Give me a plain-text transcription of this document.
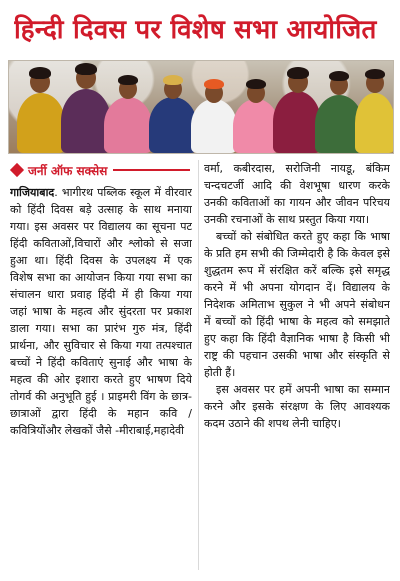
हिन्दी दिवस पर विशेष सभा आयोजित
जर्नी ऑफ सक्सेस

गाजियाबाद. भागीरथ पब्लिक स्कूल में वीरवार को हिंदी दिवस बड़े उत्साह के साथ मनाया गया। इस अवसर पर विद्यालय का सूचना पट हिंदी कविताओं,विचारों और श्लोको से सजा हुआ था। हिंदी दिवस के उपलक्ष्य में एक विशेष सभा का आयोजन किया गया सभा का संचालन धारा प्रवाह हिंदी में ही किया गया जहां भाषा के महत्व और सुंदरता पर प्रकाश डाला गया। सभा का प्रारंभ गुरु मंत्र, हिंदी प्रार्थना, और सुविचार से किया गया तत्पश्चात बच्चों ने हिंदी कविताएं सुनाई और भाषा के महत्व की ओर इशारा करते हुए भाषण दिये तोगर्व की अनुभूति हुई । प्राइमरी विंग के छात्र-छात्राओं द्वारा हिंदी के महान कवि /कवित्रियोंऔर लेखकों जैसे -मीराबाई,महादेवी

वर्मा, कबीरदास, सरोजिनी नायडू, बंकिम चन्दचटर्जी आदि की वेशभूषा धारण करके उनकी कविताओं का गायन और जीवन परिचय उनकी रचनाओं के साथ प्रस्तुत किया गया।

बच्चों को संबोधित करते हुए कहा कि भाषा के प्रति हम सभी की जिम्मेदारी है कि केवल इसे शुद्धतम रूप में संरक्षित करें बल्कि इसे समृद्ध करने में भी अपना योगदान दें। विद्यालय के निदेशक अमिताभ सुकुल ने भी अपने संबोधन में बच्चों को हिंदी भाषा के महत्व को समझाते हुए कहा कि हिंदी वैज्ञानिक भाषा है किसी भी राष्ट्र की पहचान उसकी भाषा और संस्कृति से होती हैं।

इस अवसर पर हमें अपनी भाषा का सम्मान करने और इसके संरक्षण के लिए आवश्यक कदम उठाने की शपथ लेनी चाहिए।
